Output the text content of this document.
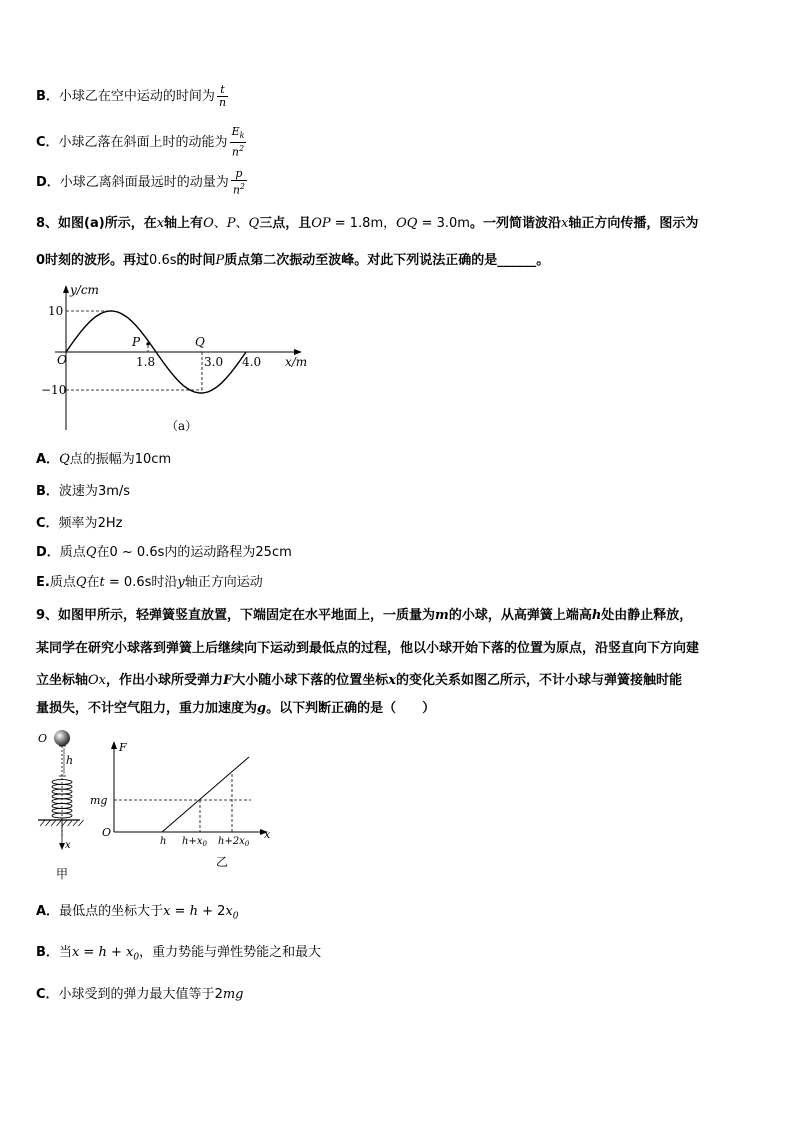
B．小球乙在空中运动的时间为 $\frac{t}{n}$
C．小球乙落在斜面上时的动能为 $\frac{E_k}{n^2}$
D．小球乙离斜面最远时的动量为 $\frac{p}{n^2}$
8、如图(a)所示，在x轴上有O、P、Q三点，且OP = 1.8m，OQ = 3.0m。一列简谐波沿x轴正方向传播，图示为
0时刻的波形。再过0.6s的时间P质点第二次振动至波峰。对此下列说法正确的是______。
y/cm
x/m
O
10
−10
P	Q
1.8	3.0 4.0
（a）
A．Q点的振幅为10cm
B．波速为3m/s
C．频率为2Hz
D．质点Q在0 ~ 0.6s内的运动路程为25cm
E.质点Q在t = 0.6s时沿y轴正方向运动
9、如图甲所示，轻弹簧竖直放置，下端固定在水平地面上，一质量为m的小球，从高弹簧上端高h处由静止释放，
某同学在研究小球落到弹簧上后继续向下运动到最低点的过程，他以小球开始下落的位置为原点，沿竖直向下方向建
立坐标轴Ox，作出小球所受弹力F大小随小球下落的位置坐标x的变化关系如图乙所示，不计小球与弹簧接触时能
量损失，不计空气阻力，重力加速度为g。以下判断正确的是（　　）
O
h
x
甲
F
mg
O
h $h+x_0$ $h+2x_0$
x
乙
A．最低点的坐标大于$x = h + 2x_0$
B．当$x = h + x_0$，重力势能与弹性势能之和最大
C．小球受到的弹力最大值等于2mg
